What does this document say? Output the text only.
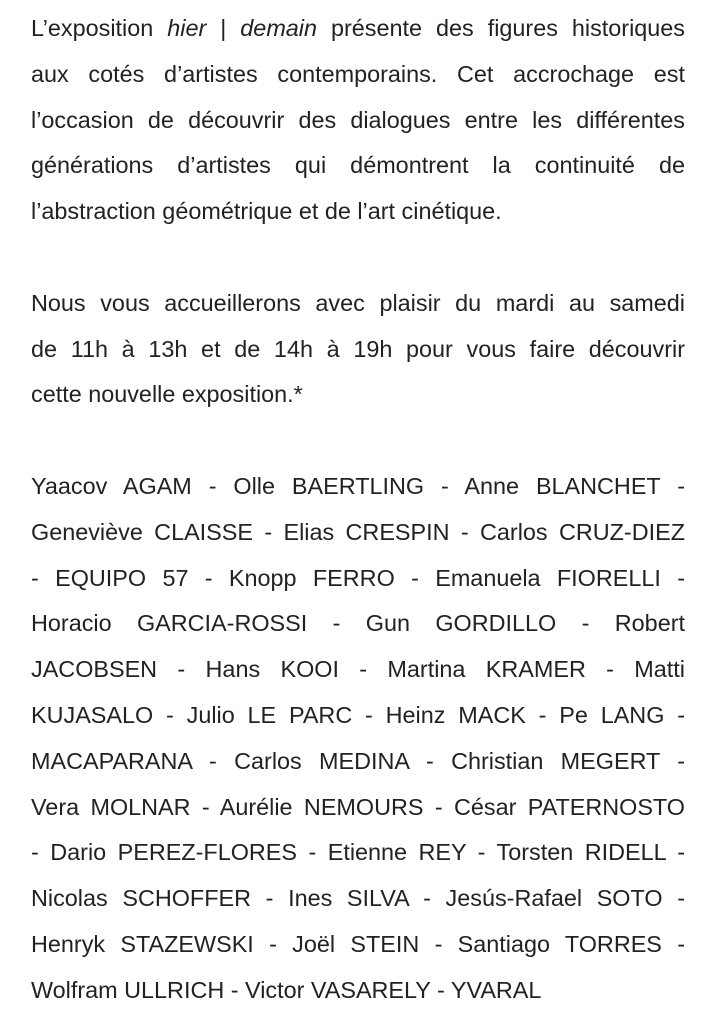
L’exposition hier | demain présente des figures historiques
aux cotés d’artistes contemporains. Cet accrochage est
l’occasion de découvrir des dialogues entre les différentes
générations d’artistes qui démontrent la continuité de
l’abstraction géométrique et de l’art cinétique.
Nous vous accueillerons avec plaisir du mardi au samedi
de 11h à 13h et de 14h à 19h pour vous faire découvrir
cette nouvelle exposition.*
Yaacov AGAM - Olle BAERTLING - Anne BLANCHET -
Geneviève CLAISSE - Elias CRESPIN - Carlos CRUZ-DIEZ
- EQUIPO 57 - Knopp FERRO - Emanuela FIORELLI -
Horacio GARCIA-ROSSI - Gun GORDILLO - Robert
JACOBSEN - Hans KOOI - Martina KRAMER - Matti
KUJASALO - Julio LE PARC - Heinz MACK - Pe LANG -
MACAPARANA - Carlos MEDINA - Christian MEGERT -
Vera MOLNAR - Aurélie NEMOURS - César PATERNOSTO
- Dario PEREZ-FLORES - Etienne REY - Torsten RIDELL -
Nicolas SCHOFFER - Ines SILVA - Jesús-Rafael SOTO -
Henryk STAZEWSKI - Joël STEIN - Santiago TORRES -
Wolfram ULLRICH - Victor VASARELY - YVARAL
